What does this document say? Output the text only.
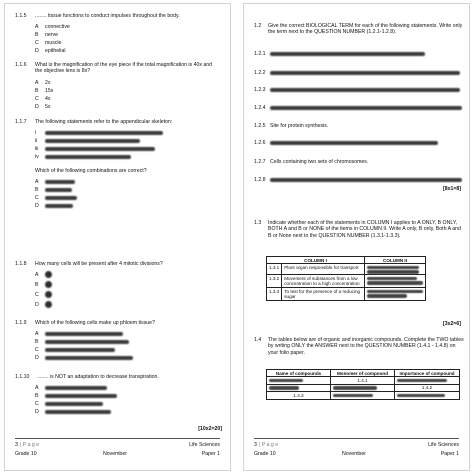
1.1.5 ........ tissue functions to conduct impulses throughout the body.
A connective
B nerve
C muscle
D epithelial
1.1.6 What is the magnification of the eye piece if the total magnification is 40x and the objective lens is 8x?
A 2x
B 15x
C 4x
D 5x
1.1.7 The following statements refer to the appendicular skeleton:
i
ii
iii
iv
Which of the following combinations are correct?
A
B
C
D
1.1.8 How many cells will be present after 4 mitotic divisions?
A
B
C
D
1.1.9 Which of the following cells make up phloem tissue?
A
B
C
D
1.1.10 ........ is NOT an adaptation to decrease transpiration.
A
B
C
D
[10x2=20]
3 | P a g e	Life Sciences
Grade 10	November	Paper 1
1.2 Give the correct BIOLOGICAL TERM for each of the following statements. Write only the term next to the QUESTION NUMBER (1.2.1-1.2.8).
1.2.1
1.2.2
1.2.3
1.2.4
1.2.5 Site for protein synthesis.
1.2.6
1.2.7 Cells containing two sets of chromosomes.
1.2.8
[8x1=8]
1.3 Indicate whether each of the statements in COLUMN I applies to A ONLY, B ONLY, BOTH A and B or NONE of the items in COLUMN II. Write A only, B only, Both A and B or None next to the QUESTION NUMBER (1.3.1-1.3.3).
COLUMN I		COLUMN II
1.3.1	Plant organ responsible for transport	

1.3.2	Movement of substances from a low concentration to a high concentration	

1.3.3	To test for the presence of a reducing sugar	
[3x2=6]
1.4 The tables below are of organic and inorganic compounds. Complete the TWO tables by writing ONLY the ANSWER next to the QUESTION NUMBER (1.4.1 - 1.4.8) on your folio paper.
Name of compounds	Monomer of compound	Importance of compound

	1.4.1	

	1.4.2
1.4.3	

3 | P a g e	Life Sciences
Grade 10	November	Paper 1
